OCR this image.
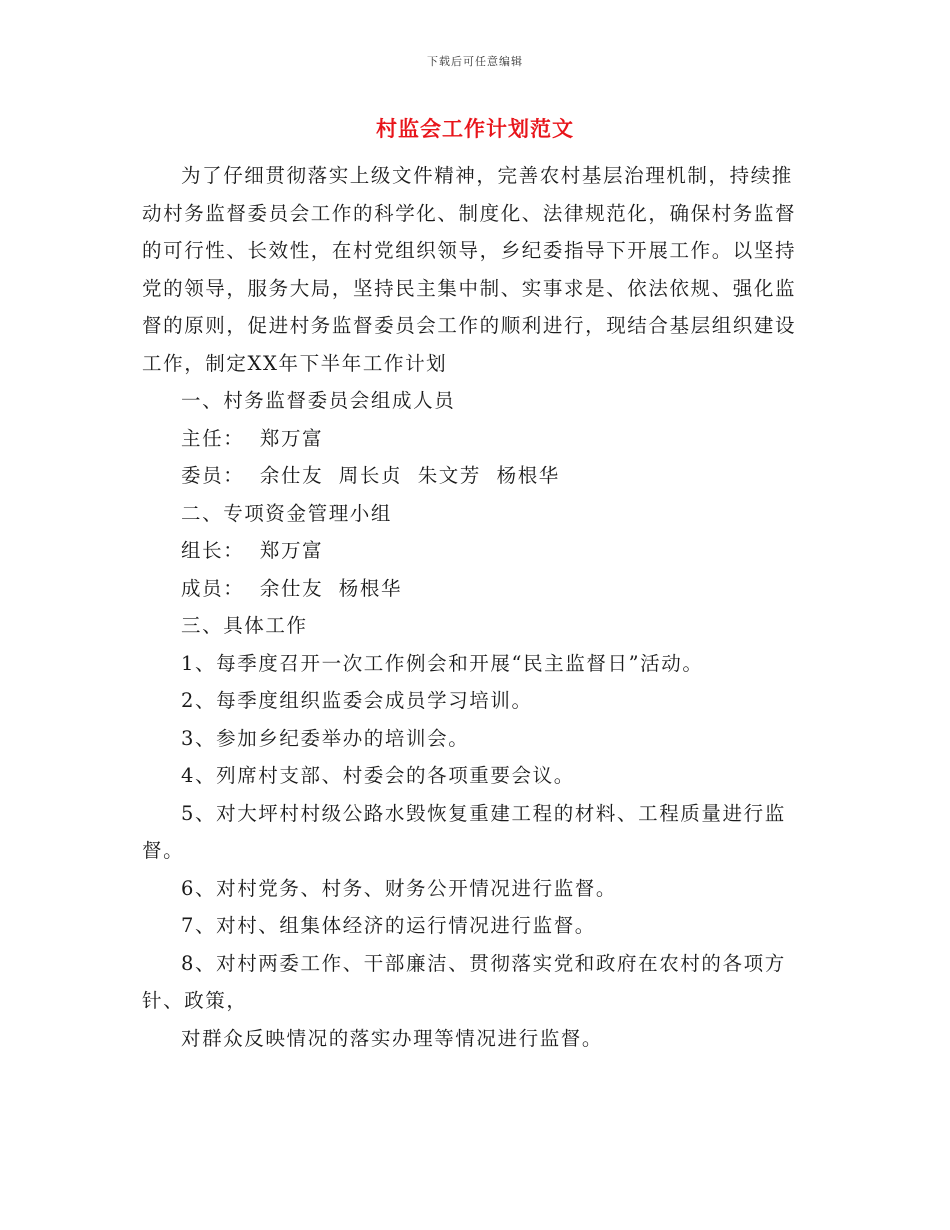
下载后可任意编辑
村监会工作计划范文

为了仔细贯彻落实上级文件精神，完善农村基层治理机制，持续推动村务监督委员会工作的科学化、制度化、法律规范化，确保村务监督的可行性、长效性，在村党组织领导，乡纪委指导下开展工作。以坚持党的领导，服务大局，坚持民主集中制、实事求是、依法依规、强化监督的原则，促进村务监督委员会工作的顺利进行，现结合基层组织建设工作，制定XX年下半年工作计划

一、村务监督委员会组成人员

主任：  郑万富

委员：  余仕友  周长贞  朱文芳  杨根华

二、专项资金管理小组

组长：  郑万富

成员：  余仕友  杨根华

三、具体工作

1、每季度召开一次工作例会和开展“民主监督日”活动。

2、每季度组织监委会成员学习培训。

3、参加乡纪委举办的培训会。

4、列席村支部、村委会的各项重要会议。

5、对大坪村村级公路水毁恢复重建工程的材料、工程质量进行监督。

6、对村党务、村务、财务公开情况进行监督。

7、对村、组集体经济的运行情况进行监督。

8、对村两委工作、干部廉洁、贯彻落实党和政府在农村的各项方针、政策，

对群众反映情况的落实办理等情况进行监督。
